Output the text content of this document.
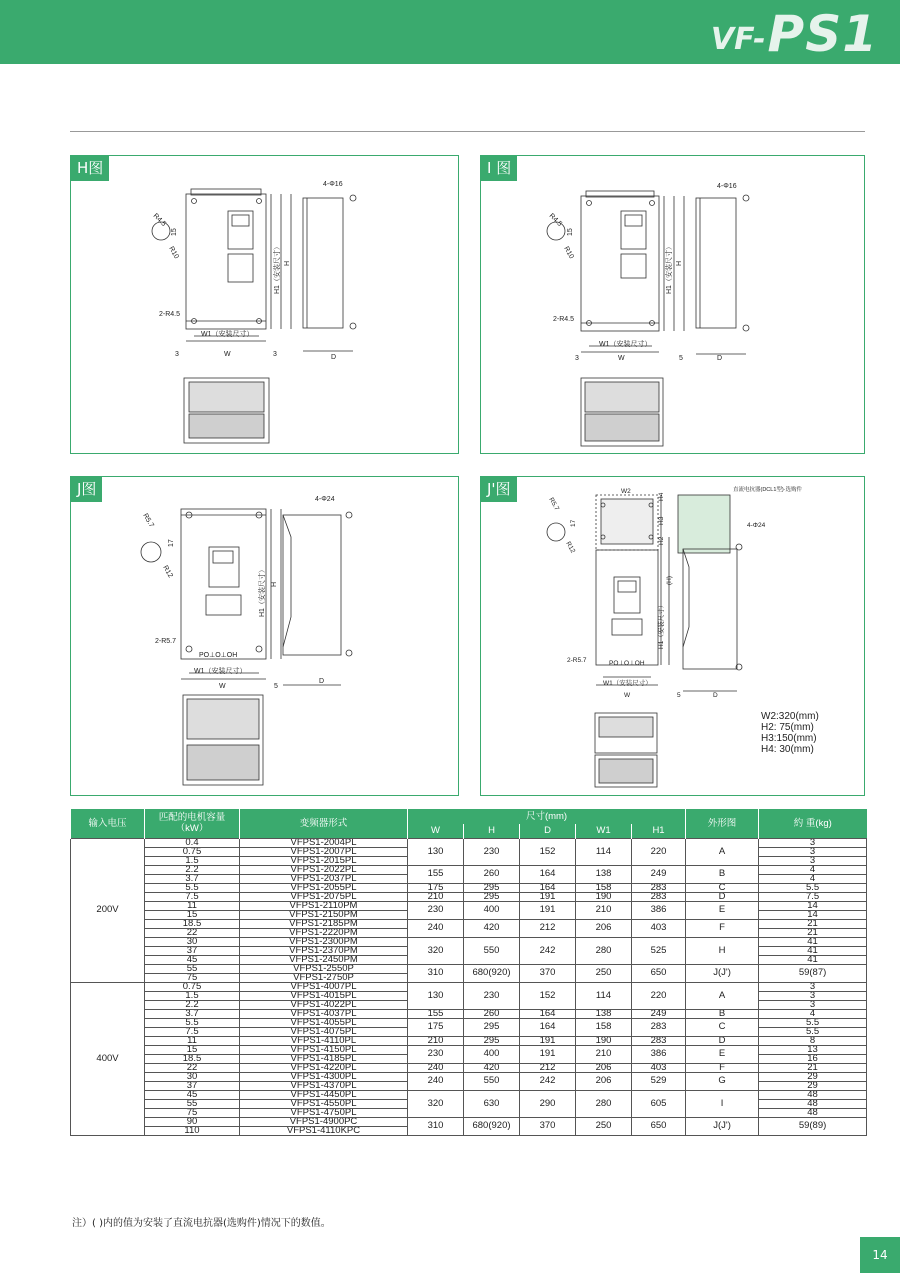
VF- PS1
4-Φ16
R4.5
R10
15
2-R4.5
W1（安装尺寸）
W
3	3
H1（安装尺寸） H
D
H图
4-Φ16
R4.5
R10
15
2-R4.5
W1（安装尺寸）
W
3	5
H1（安装尺寸） H
D
I 图
4-Φ24
R5.7
R12
17
2-R5.7
PO⊥O⊥OH
W1（安装尺寸）
W	5
H1（安装尺寸） H
D
J图	W2
H4
H3
H2
(H)
H1（安装尺寸）
直流电抗器(DCL1型)·选购件
4-Φ24
R5.7
R12
17
2-R5.7	PO⊥O⊥OH
W1（安装尺寸）
W	5	D
J'图
W2:320(mm)
H2: 75(mm)
H3:150(mm)
H4: 30(mm)
输入电压	匹配的电机容量
（kW）	变频器形式	尺寸(mm)					外形图	約 重(kg)
			W	H	D	W1	H1		
200V	0.4	VFPS1-2004PL	130	230	152	114	220	A	3
	0.75	VFPS1-2007PL							3
	1.5	VFPS1-2015PL							3
	2.2	VFPS1-2022PL	155	260	164	138	249	B	4
	3.7	VFPS1-2037PL							4
	5.5	VFPS1-2055PL	175	295	164	158	283	C	5.5
	7.5	VFPS1-2075PL	210	295	191	190	283	D	7.5
	11	VFPS1-2110PM	230	400	191	210	386	E	14
	15	VFPS1-2150PM							14
	18.5	VFPS1-2185PM	240	420	212	206	403	F	21
	22	VFPS1-2220PM							21
	30	VFPS1-2300PM	320	550	242	280	525	H	41
	37	VFPS1-2370PM							41
	45	VFPS1-2450PM							41
	55	VFPS1-2550P	310	680(920)	370	250	650	J(J')	59(87)
	75	VFPS1-2750P							
400V	0.75	VFPS1-4007PL	130	230	152	114	220	A	3
	1.5	VFPS1-4015PL							3
	2.2	VFPS1-4022PL							3
	3.7	VFPS1-4037PL	155	260	164	138	249	B	4
	5.5	VFPS1-4055PL	175	295	164	158	283	C	5.5
	7.5	VFPS1-4075PL							5.5
	11	VFPS1-4110PL	210	295	191	190	283	D	8
	15	VFPS1-4150PL	230	400	191	210	386	E	13
	18.5	VFPS1-4185PL							16
	22	VFPS1-4220PL	240	420	212	206	403	F	21
	30	VFPS1-4300PL	240	550	242	206	529	G	29
	37	VFPS1-4370PL							29
	45	VFPS1-4450PL	320	630	290	280	605	I	48
	55	VFPS1-4550PL							48
	75	VFPS1-4750PL							48
	90	VFPS1-4900PC	310	680(920)	370	250	650	J(J')	59(89)
	110	VFPS1-4110KPC							
注）( )内的值为安装了直流电抗器(选购件)情况下的数值。
14
